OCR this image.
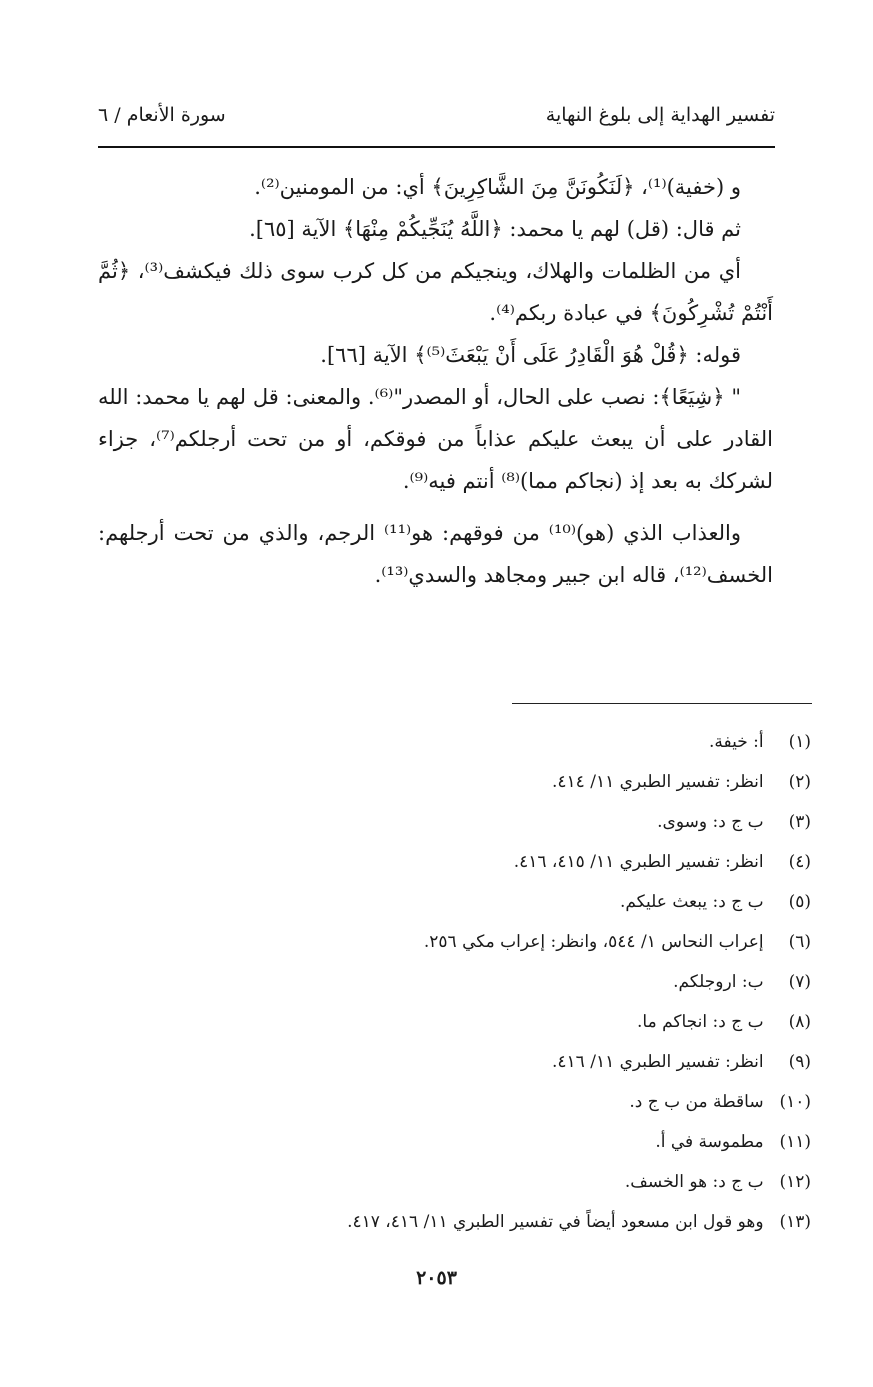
تفسير الهداية إلى بلوغ النهاية
سورة الأنعام / ٦

و (خفية)⁽¹⁾، ﴿لَنَكُونَنَّ مِنَ الشَّاكِرِينَ﴾ أي: من المومنين⁽²⁾.

ثم قال: (قل) لهم يا محمد: ﴿اللَّهُ يُنَجِّيكُمْ مِنْهَا﴾ الآية [٦٥].

أي من الظلمات والهلاك، وينجيكم من كل كرب سوى ذلك فيكشف⁽³⁾، ﴿ثُمَّ أَنْتُمْ تُشْرِكُونَ﴾ في عبادة ربكم⁽⁴⁾.

قوله: ﴿قُلْ هُوَ الْقَادِرُ عَلَى أَنْ يَبْعَثَ⁽⁵⁾﴾ الآية [٦٦].

" ﴿شِيَعًا﴾: نصب على الحال، أو المصدر"⁽⁶⁾. والمعنى: قل لهم يا محمد: الله القادر على أن يبعث عليكم عذاباً من فوقكم، أو من تحت أرجلكم⁽⁷⁾، جزاء لشركك به بعد إذ (نجاكم مما)⁽⁸⁾ أنتم فيه⁽⁹⁾.

والعذاب الذي (هو)⁽¹⁰⁾ من فوقهم: هو⁽¹¹⁾ الرجم، والذي من تحت أرجلهم: الخسف⁽¹²⁾، قاله ابن جبير ومجاهد والسدي⁽¹³⁾.

(١) أ: خيفة.
(٢) انظر: تفسير الطبري ١١/ ٤١٤.
(٣) ب ج د: وسوى.
(٤) انظر: تفسير الطبري ١١/ ٤١٥، ٤١٦.
(٥) ب ج د: يبعث عليكم.
(٦) إعراب النحاس ١/ ٥٤٤، وانظر: إعراب مكي ٢٥٦.
(٧) ب: اروجلكم.
(٨) ب ج د: انجاكم ما.
(٩) انظر: تفسير الطبري ١١/ ٤١٦.
(١٠) ساقطة من ب ج د.
(١١) مطموسة في أ.
(١٢) ب ج د: هو الخسف.
(١٣) وهو قول ابن مسعود أيضاً في تفسير الطبري ١١/ ٤١٦، ٤١٧.
٢٠٥٣
